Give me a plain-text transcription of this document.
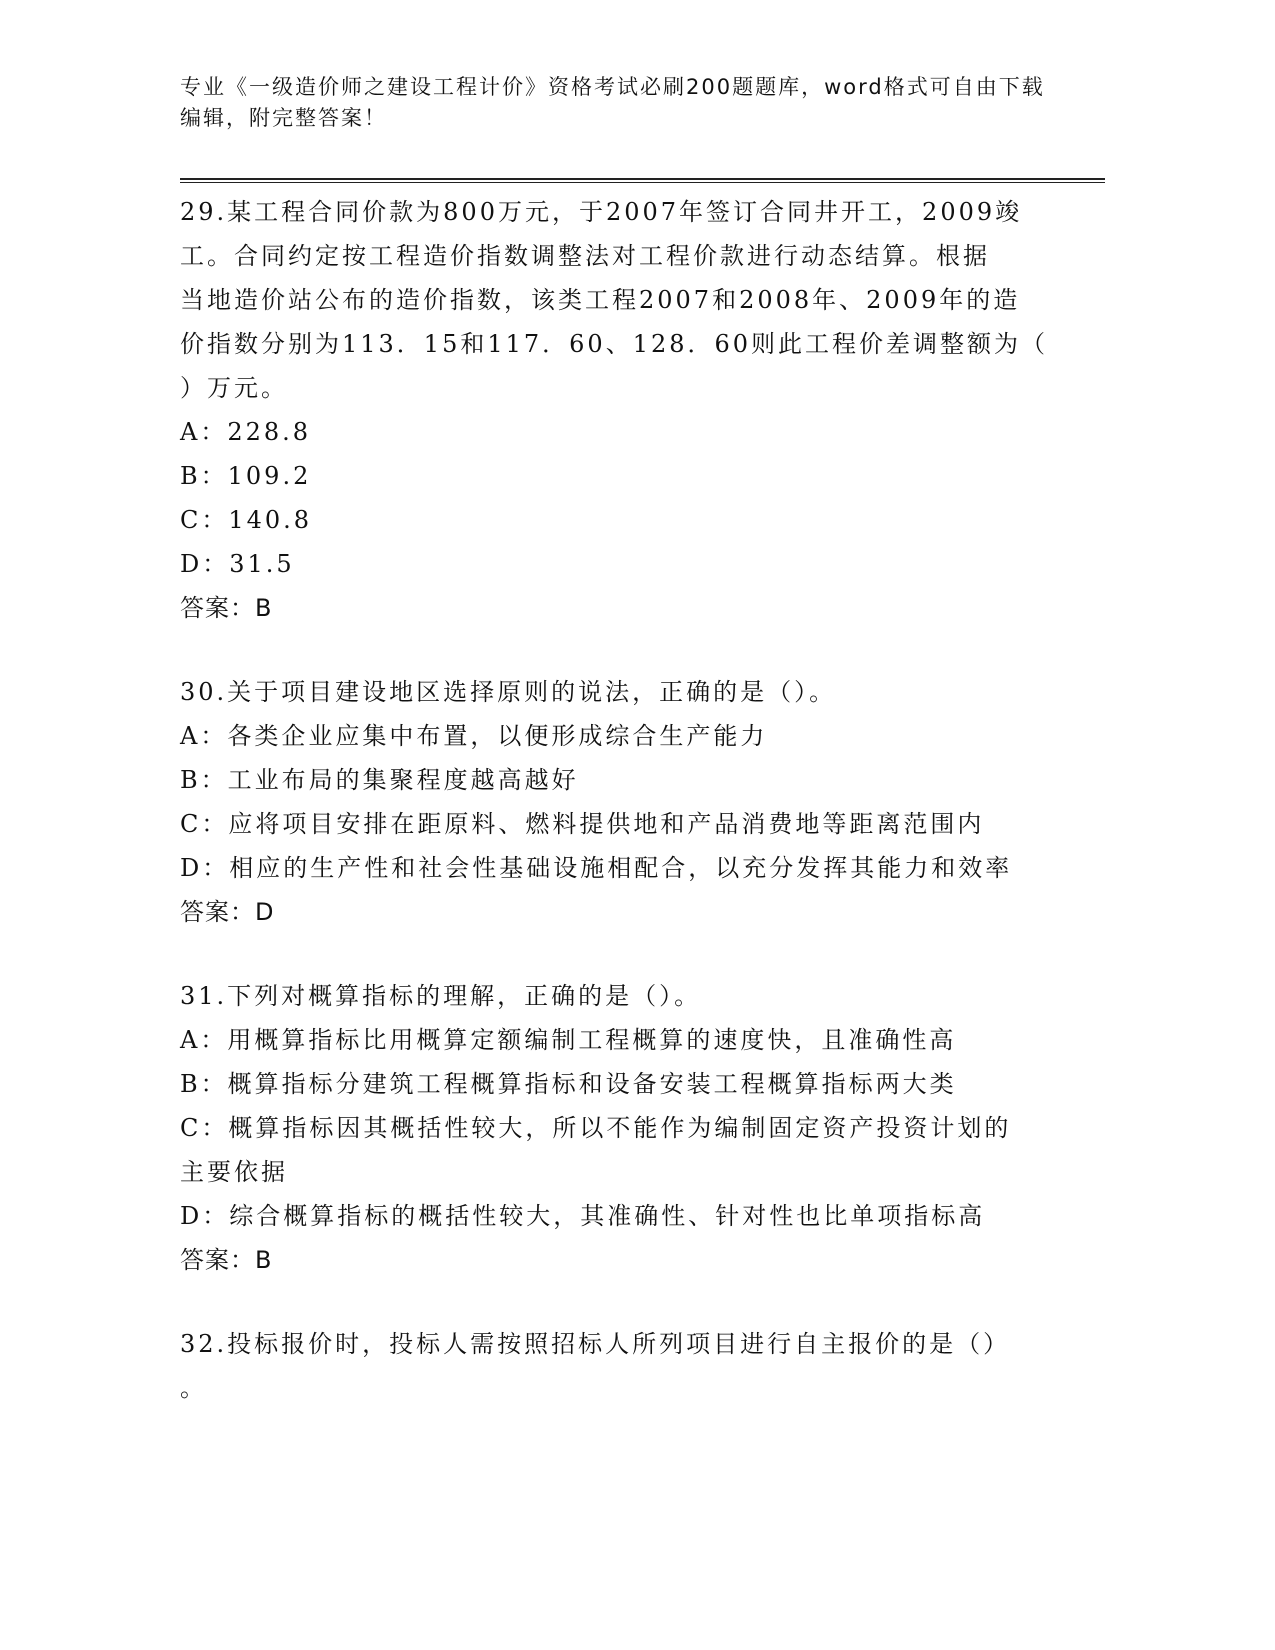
专业《一级造价师之建设工程计价》资格考试必刷200题题库，word格式可自由下载编辑，附完整答案！
29.某工程合同价款为800万元，于2007年签订合同井开工，2009竣
工。合同约定按工程造价指数调整法对工程价款进行动态结算。根据
当地造价站公布的造价指数，该类工程2007和2008年、2009年的造
价指数分别为113．15和117．60、128．60则此工程价差调整额为（
）万元。
A：228.8
B：109.2
C：140.8
D：31.5
答案：B
30.关于项目建设地区选择原则的说法，正确的是（）。
A：各类企业应集中布置，以便形成综合生产能力
B：工业布局的集聚程度越高越好
C：应将项目安排在距原料、燃料提供地和产品消费地等距离范围内
D：相应的生产性和社会性基础设施相配合，以充分发挥其能力和效率
答案：D
31.下列对概算指标的理解，正确的是（）。
A：用概算指标比用概算定额编制工程概算的速度快，且准确性高
B：概算指标分建筑工程概算指标和设备安装工程概算指标两大类
C：概算指标因其概括性较大，所以不能作为编制固定资产投资计划的
主要依据
D：综合概算指标的概括性较大，其准确性、针对性也比单项指标高
答案：B
32.投标报价时，投标人需按照招标人所列项目进行自主报价的是（）
。
